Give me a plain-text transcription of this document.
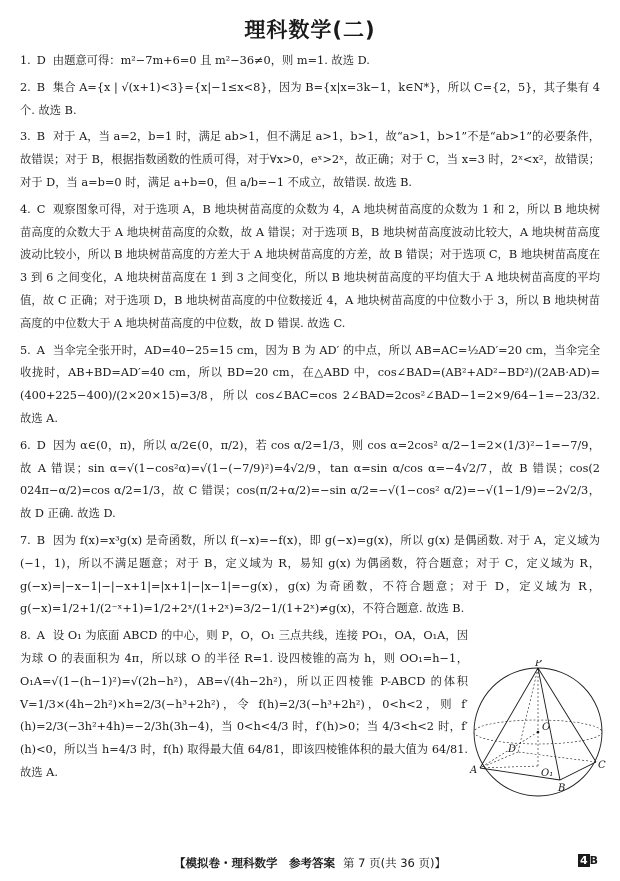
理科数学(二)

1. D 由题意可得：m²−7m+6=0 且 m²−36≠0，则 m=1. 故选 D.

2. B 集合 A={x | √(x+1)<3}={x|−1≤x<8}，因为 B={x|x=3k−1，k∈N*}，所以 C={2，5}，其子集有 4 个. 故选 B.

3. B 对于 A，当 a=2，b=1 时，满足 ab>1，但不满足 a>1，b>1，故“a>1，b>1”不是“ab>1”的必要条件，故错误；对于 B，根据指数函数的性质可得，对于∀x>0，eˣ>2ˣ，故正确；对于 C，当 x=3 时，2ˣ<x²，故错误；对于 D，当 a=b=0 时，满足 a+b=0，但 a/b=−1 不成立，故错误. 故选 B.

4. C 观察图象可得，对于选项 A，B 地块树苗高度的众数为 4，A 地块树苗高度的众数为 1 和 2，所以 B 地块树苗高度的众数大于 A 地块树苗高度的众数，故 A 错误；对于选项 B，B 地块树苗高度波动比较大，A 地块树苗高度波动比较小，所以 B 地块树苗高度的方差大于 A 地块树苗高度的方差，故 B 错误；对于选项 C，B 地块树苗高度在 3 到 6 之间变化，A 地块树苗高度在 1 到 3 之间变化，所以 B 地块树苗高度的平均值大于 A 地块树苗高度的平均值，故 C 正确；对于选项 D，B 地块树苗高度的中位数接近 4，A 地块树苗高度的中位数小于 3，所以 B 地块树苗高度的中位数大于 A 地块树苗高度的中位数，故 D 错误. 故选 C.

5. A 当伞完全张开时，AD=40−25=15 cm，因为 B 为 AD′ 的中点，所以 AB=AC=½AD′=20 cm，当伞完全收拢时，AB+BD=AD′=40 cm，所以 BD=20 cm，在△ABD 中，cos∠BAD=(AB²+AD²−BD²)/(2AB·AD)=(400+225−400)/(2×20×15)=3/8，所以 cos∠BAC=cos 2∠BAD=2cos²∠BAD−1=2×9/64−1=−23/32. 故选 A.

6. D 因为 α∈(0，π)，所以 α/2∈(0，π/2)，若 cos α/2=1/3，则 cos α=2cos² α/2−1=2×(1/3)²−1=−7/9，故 A 错误；sin α=√(1−cos²α)=√(1−(−7/9)²)=4√2/9，tan α=sin α/cos α=−4√2/7，故 B 错误；cos(2 024π−α/2)=cos α/2=1/3，故 C 错误；cos(π/2+α/2)=−sin α/2=−√(1−cos² α/2)=−√(1−1/9)=−2√2/3，故 D 正确. 故选 D.

7. B 因为 f(x)=x³g(x) 是奇函数，所以 f(−x)=−f(x)，即 g(−x)=g(x)，所以 g(x) 是偶函数. 对于 A，定义域为(−1，1)，所以不满足题意；对于 B，定义域为 R，易知 g(x) 为偶函数，符合题意；对于 C，定义域为 R，g(−x)=|−x−1|−|−x+1|=|x+1|−|x−1|=−g(x)，g(x) 为奇函数，不符合题意；对于 D，定义域为 R，g(−x)=1/2+1/(2⁻ˣ+1)=1/2+2ˣ/(1+2ˣ)=3/2−1/(1+2ˣ)≠g(x)，不符合题意. 故选 B.

8. A 设 O₁ 为底面 ABCD 的中心，则 P，O，O₁ 三点共线，连接 PO₁，OA，O₁A，因为球 O 的表面积为 4π，所以球 O 的半径 R=1. 设四棱锥的高为 h，则 OO₁=h−1，O₁A=√(1−(h−1)²)=√(2h−h²)，AB=√(4h−2h²)，所以正四棱锥 P-ABCD 的体积 V=1/3×(4h−2h²)×h=2/3(−h³+2h²)，令 f(h)=2/3(−h³+2h²)，0<h<2，则 f′(h)=2/3(−3h²+4h)=−2/3h(3h−4)，当 0<h<4/3 时，f′(h)>0；当 4/3<h<2 时，f′(h)<0，所以当 h=4/3 时，f(h) 取得最大值 64/81，即该四棱锥体积的最大值为 64/81. 故选 A.

P
O
A
B
C
D
O₁
【模拟卷・理科数学　参考答案 第 7 页(共 36 页)】	4 B
